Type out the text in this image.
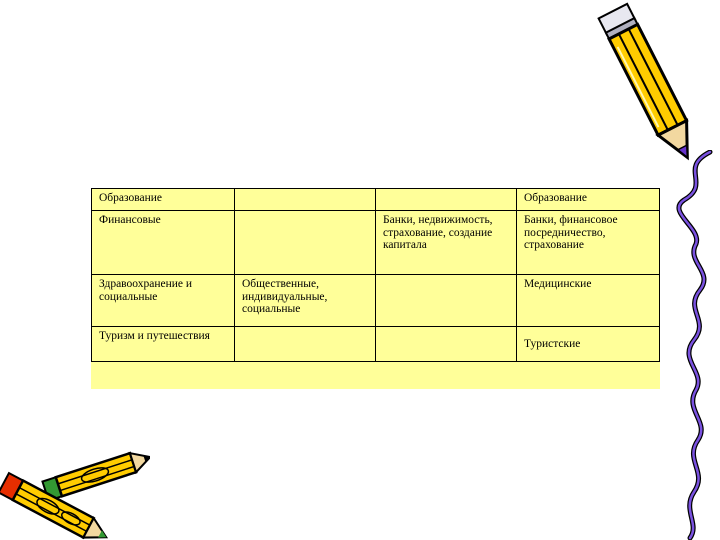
Образование			Образование
Финансовые		Банки, недвижимость, страхование, создание капитала	Банки, финансовое посредничество, страхование
Здравоохранение и социальные	Общественные, индивидуальные, социальные		Медицинские
Туризм и путешествия			Туристские
